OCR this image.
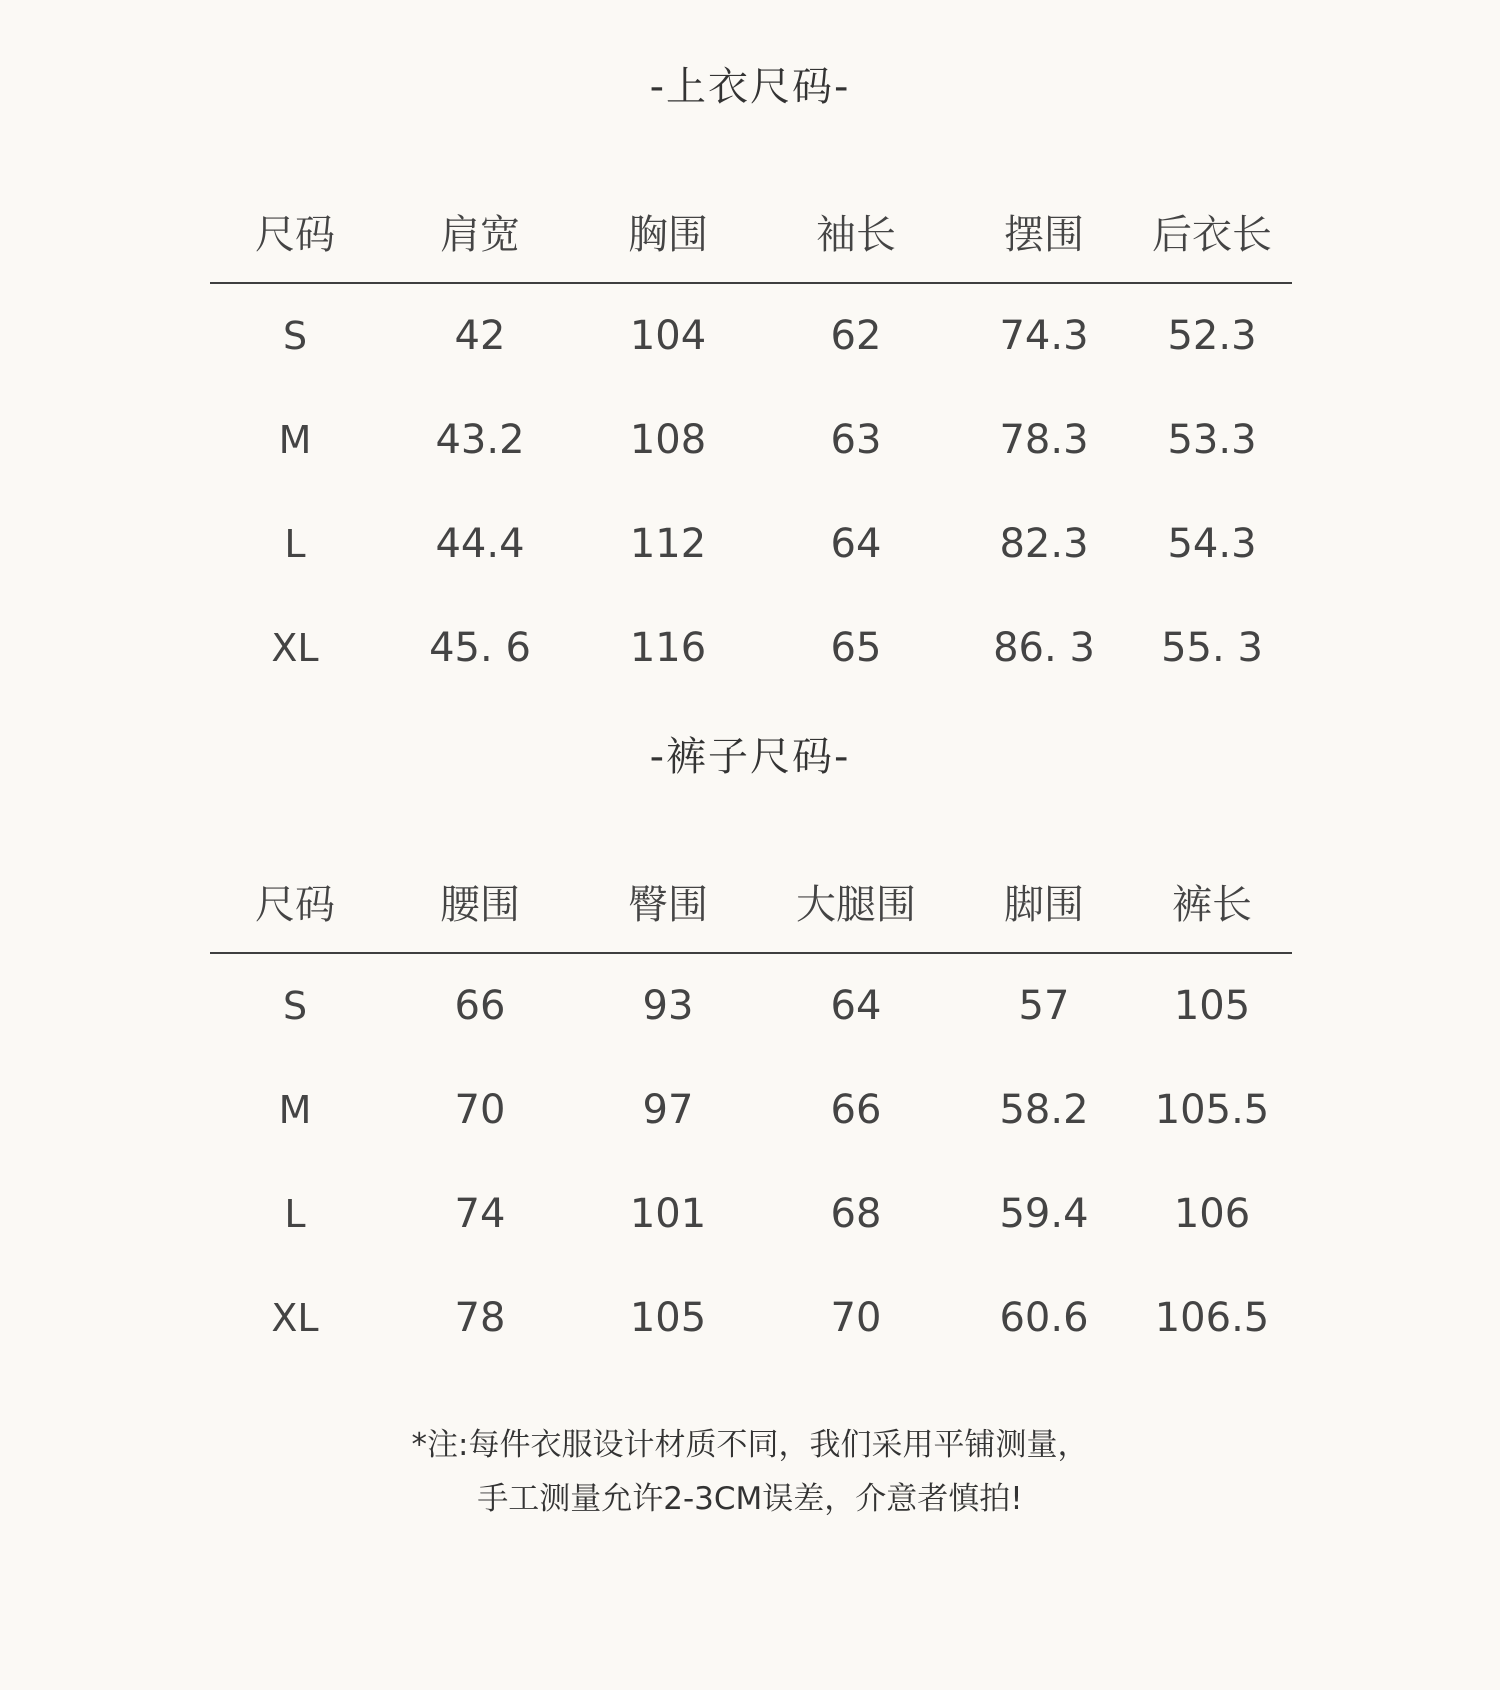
-上衣尺码-
尺码	肩宽	胸围	袖长	摆围	后衣长
S	42	104	62	74.3	52.3
M	43.2	108	63	78.3	53.3
L	44.4	112	64	82.3	54.3
XL	45. 6	116	65	86. 3	55. 3
-裤子尺码-
尺码	腰围	臀围	大腿围	脚围	裤长
S	66	93	64	57	105
M	70	97	66	58.2	105.5
L	74	101	68	59.4	106
XL	78	105	70	60.6	106.5
*注:每件衣服设计材质不同，我们采用平铺测量，
手工测量允许2-3CM误差，介意者慎拍!
